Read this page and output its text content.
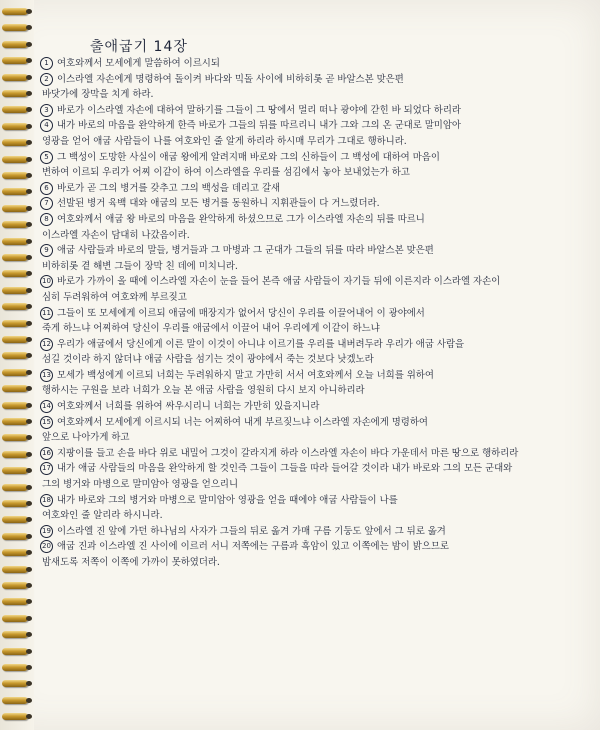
출애굽기 14장
1 여호와께서 모세에게 말씀하여 이르시되
2 이스라엘 자손에게 명령하여 돌이켜 바다와 믹돌 사이에 비하히롯 곧 바알스본 맞은편
바닷가에 장막을 치게 하라.
3 바로가 이스라엘 자손에 대하여 말하기를 그들이 그 땅에서 멀리 떠나 광야에 갇힌 바 되었다 하리라
4 내가 바로의 마음을 완악하게 한즉 바로가 그들의 뒤를 따르리니 내가 그와 그의 온 군대로 말미암아
영광을 얻어 애굽 사람들이 나를 여호와인 줄 알게 하리라 하시매 무리가 그대로 행하니라.
5 그 백성이 도망한 사실이 애굽 왕에게 알려지매 바로와 그의 신하들이 그 백성에 대하여 마음이
변하여 이르되 우리가 어찌 이같이 하여 이스라엘을 우리를 섬김에서 놓아 보내었는가 하고
6 바로가 곧 그의 병거를 갖추고 그의 백성을 데리고 갈새
7 선발된 병거 육백 대와 애굽의 모든 병거를 동원하니 지휘관들이 다 거느렸더라.
8 여호와께서 애굽 왕 바로의 마음을 완악하게 하셨으므로 그가 이스라엘 자손의 뒤를 따르니
이스라엘 자손이 담대히 나갔음이라.
9 애굽 사람들과 바로의 말들, 병거들과 그 마병과 그 군대가 그들의 뒤를 따라 바알스본 맞은편
비하히롯 곁 해변 그들이 장막 친 데에 미치니라.
10 바로가 가까이 올 때에 이스라엘 자손이 눈을 들어 본즉 애굽 사람들이 자기들 뒤에 이른지라 이스라엘 자손이
심히 두려워하여 여호와께 부르짖고
11 그들이 또 모세에게 이르되 애굽에 매장지가 없어서 당신이 우리를 이끌어내어 이 광야에서
죽게 하느냐 어찌하여 당신이 우리를 애굽에서 이끌어 내어 우리에게 이같이 하느냐
12 우리가 애굽에서 당신에게 이른 말이 이것이 아니냐 이르기를 우리를 내버려두라 우리가 애굽 사람을
섬길 것이라 하지 않더냐 애굽 사람을 섬기는 것이 광야에서 죽는 것보다 낫겠노라
13 모세가 백성에게 이르되 너희는 두려워하지 말고 가만히 서서 여호와께서 오늘 너희를 위하여
행하시는 구원을 보라 너희가 오늘 본 애굽 사람을 영원히 다시 보지 아니하리라
14 여호와께서 너희를 위하여 싸우시리니 너희는 가만히 있을지니라
15 여호와께서 모세에게 이르시되 너는 어찌하여 내게 부르짖느냐 이스라엘 자손에게 명령하여
앞으로 나아가게 하고
16 지팡이를 들고 손을 바다 위로 내밀어 그것이 갈라지게 하라 이스라엘 자손이 바다 가운데서 마른 땅으로 행하리라
17 내가 애굽 사람들의 마음을 완악하게 할 것인즉 그들이 그들을 따라 들어갈 것이라 내가 바로와 그의 모든 군대와
그의 병거와 마병으로 말미암아 영광을 얻으리니
18 내가 바로와 그의 병거와 마병으로 말미암아 영광을 얻을 때에야 애굽 사람들이 나를
여호와인 줄 알리라 하시니라.
19 이스라엘 진 앞에 가던 하나님의 사자가 그들의 뒤로 옮겨 가매 구름 기둥도 앞에서 그 뒤로 옮겨
20 애굽 진과 이스라엘 진 사이에 이르러 서니 저쪽에는 구름과 흑암이 있고 이쪽에는 밤이 밝으므로
밤새도록 저쪽이 이쪽에 가까이 못하였더라.
